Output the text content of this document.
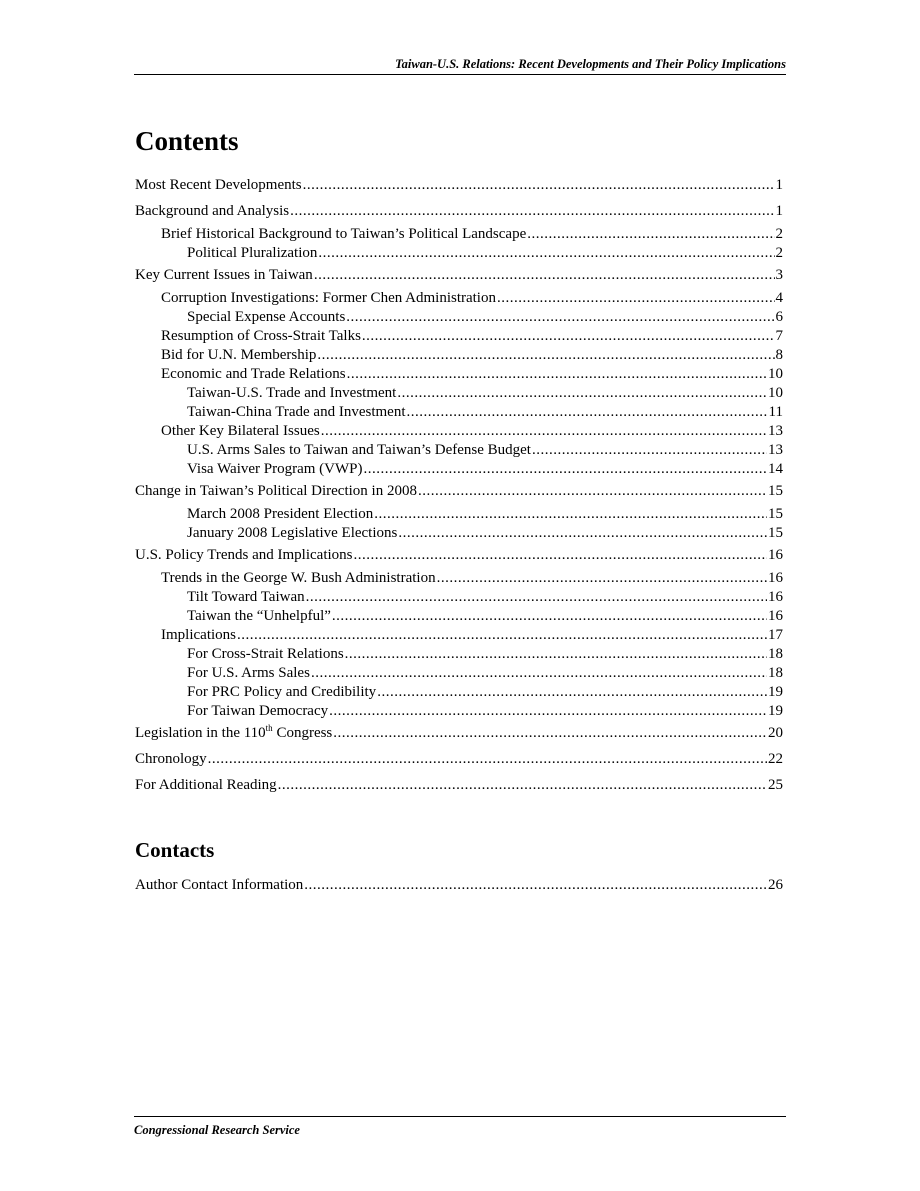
Taiwan-U.S. Relations: Recent Developments and Their Policy Implications
Contents
Most Recent Developments .....	1
Background and Analysis .....	1
Brief Historical Background to Taiwan’s Political Landscape .....	2
Political Pluralization .....	2
Key Current Issues in Taiwan .....	3
Corruption Investigations: Former Chen Administration .....	4
Special Expense Accounts .....	6
Resumption of Cross-Strait Talks .....	7
Bid for U.N. Membership .....	8
Economic and Trade Relations .....	10
Taiwan-U.S. Trade and Investment .....	10
Taiwan-China Trade and Investment .....	11
Other Key Bilateral Issues .....	13
U.S. Arms Sales to Taiwan and Taiwan’s Defense Budget .....	13
Visa Waiver Program (VWP) .....	14
Change in Taiwan’s Political Direction in 2008 .....	15
March 2008 President Election .....	15
January 2008 Legislative Elections .....	15
U.S. Policy Trends and Implications .....	16
Trends in the George W. Bush Administration .....	16
Tilt Toward Taiwan .....	16
Taiwan the “Unhelpful” .....	16
Implications .....	17
For Cross-Strait Relations .....	18
For U.S. Arms Sales .....	18
For PRC Policy and Credibility .....	19
For Taiwan Democracy .....	19
Legislation in the 110th Congress .....	20
Chronology .....	22
For Additional Reading .....	25
Contacts
Author Contact Information .....	26
Congressional Research Service
